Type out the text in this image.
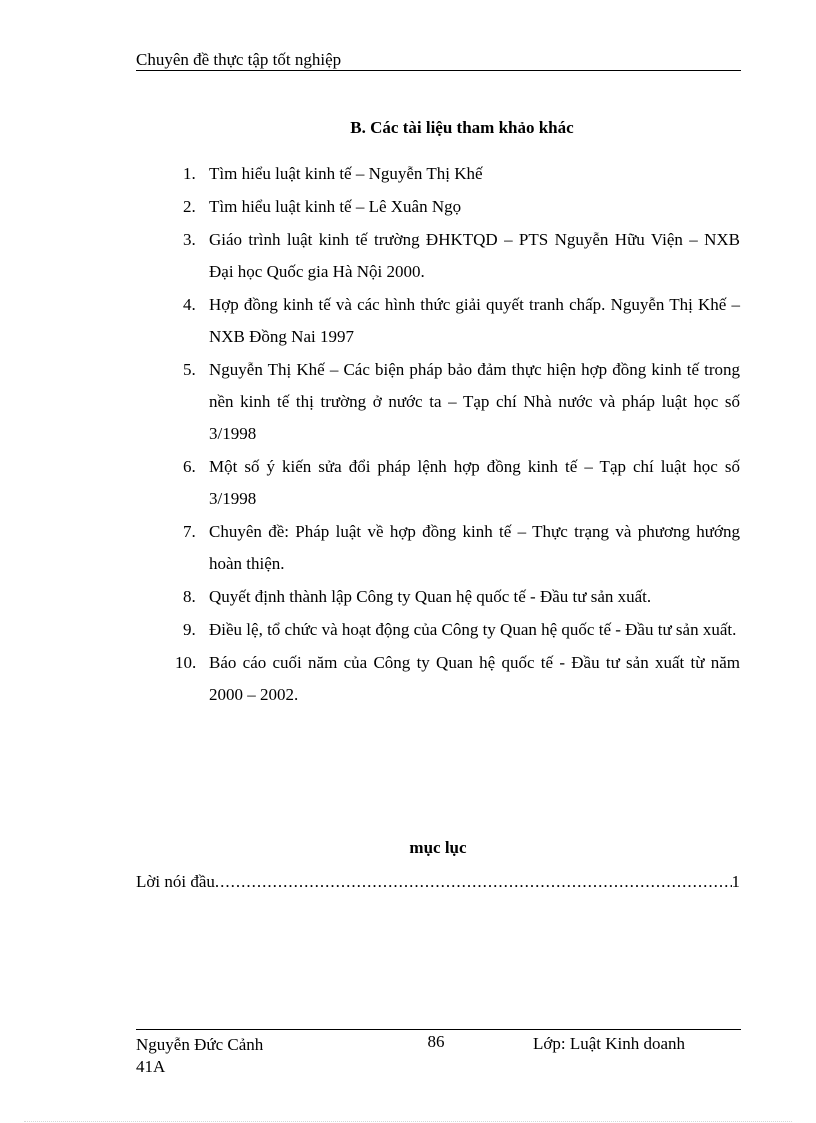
Chuyên đề thực tập tốt nghiệp
B. Các tài liệu tham khảo khác
1. Tìm hiểu luật kinh tế – Nguyễn Thị Khế
2. Tìm hiểu luật kinh tế – Lê Xuân Ngọ
3. Giáo trình luật kinh tế trường ĐHKTQD – PTS Nguyễn Hữu Viện – NXB Đại học Quốc gia Hà Nội 2000.
4. Hợp đồng kinh tế và các hình thức giải quyết tranh chấp. Nguyễn Thị Khế – NXB Đồng Nai 1997
5. Nguyễn Thị Khế – Các biện pháp bảo đảm thực hiện hợp đồng kinh tế trong nền kinh tế thị trường ở nước ta – Tạp chí Nhà nước và pháp luật học số 3/1998
6. Một số ý kiến sửa đổi pháp lệnh hợp đồng kinh tế – Tạp chí luật học số 3/1998
7. Chuyên đề: Pháp luật về hợp đồng kinh tế – Thực trạng và phương hướng hoàn thiện.
8. Quyết định thành lập Công ty Quan hệ quốc tế - Đầu tư sản xuất.
9. Điều lệ, tổ chức và hoạt động của Công ty Quan hệ quốc tế - Đầu tư sản xuất.
10. Báo cáo cuối năm của Công ty Quan hệ quốc tế - Đầu tư sản xuất từ năm 2000 – 2002.
mục lục
Lời nói đầu
.....	1
Nguyễn Đức Cảnh 41A
86	Lớp: Luật Kinh doanh
